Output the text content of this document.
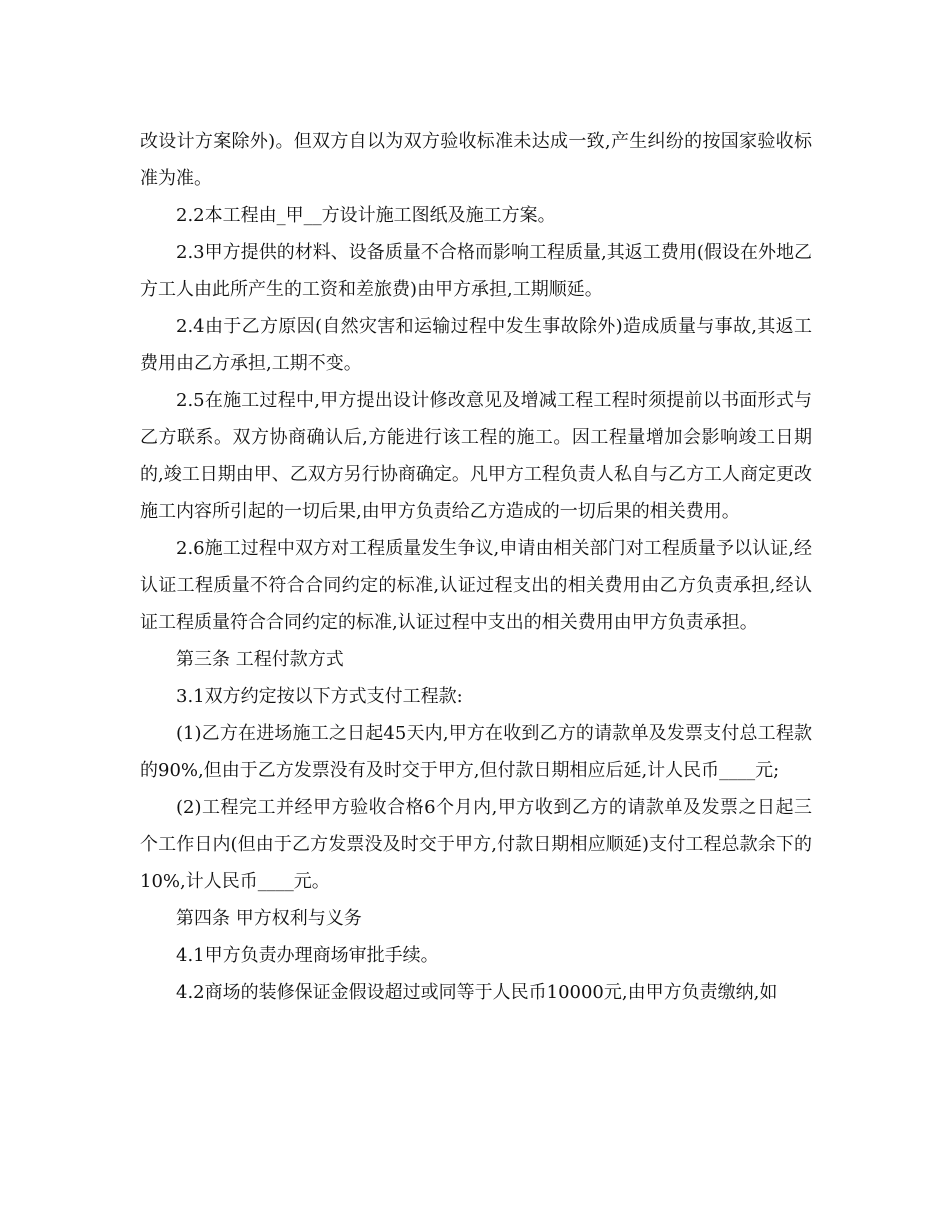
改设计方案除外)。但双方自以为双方验收标准未达成一致,产生纠纷的按国家验收标准为准。

2.2本工程由_甲__方设计施工图纸及施工方案。

2.3甲方提供的材料、设备质量不合格而影响工程质量,其返工费用(假设在外地乙方工人由此所产生的工资和差旅费)由甲方承担,工期顺延。

2.4由于乙方原因(自然灾害和运输过程中发生事故除外)造成质量与事故,其返工费用由乙方承担,工期不变。

2.5在施工过程中,甲方提出设计修改意见及增减工程工程时须提前以书面形式与乙方联系。双方协商确认后,方能进行该工程的施工。因工程量增加会影响竣工日期的,竣工日期由甲、乙双方另行协商确定。凡甲方工程负责人私自与乙方工人商定更改施工内容所引起的一切后果,由甲方负责给乙方造成的一切后果的相关费用。

2.6施工过程中双方对工程质量发生争议,申请由相关部门对工程质量予以认证,经认证工程质量不符合合同约定的标准,认证过程支出的相关费用由乙方负责承担,经认证工程质量符合合同约定的标准,认证过程中支出的相关费用由甲方负责承担。

第三条 工程付款方式

3.1双方约定按以下方式支付工程款:

(1)乙方在进场施工之日起45天内,甲方在收到乙方的请款单及发票支付总工程款的90%,但由于乙方发票没有及时交于甲方,但付款日期相应后延,计人民币____元;

(2)工程完工并经甲方验收合格6个月内,甲方收到乙方的请款单及发票之日起三个工作日内(但由于乙方发票没及时交于甲方,付款日期相应顺延)支付工程总款余下的10%,计人民币____元。

第四条 甲方权利与义务

4.1甲方负责办理商场审批手续。

4.2商场的装修保证金假设超过或同等于人民币10000元,由甲方负责缴纳,如
